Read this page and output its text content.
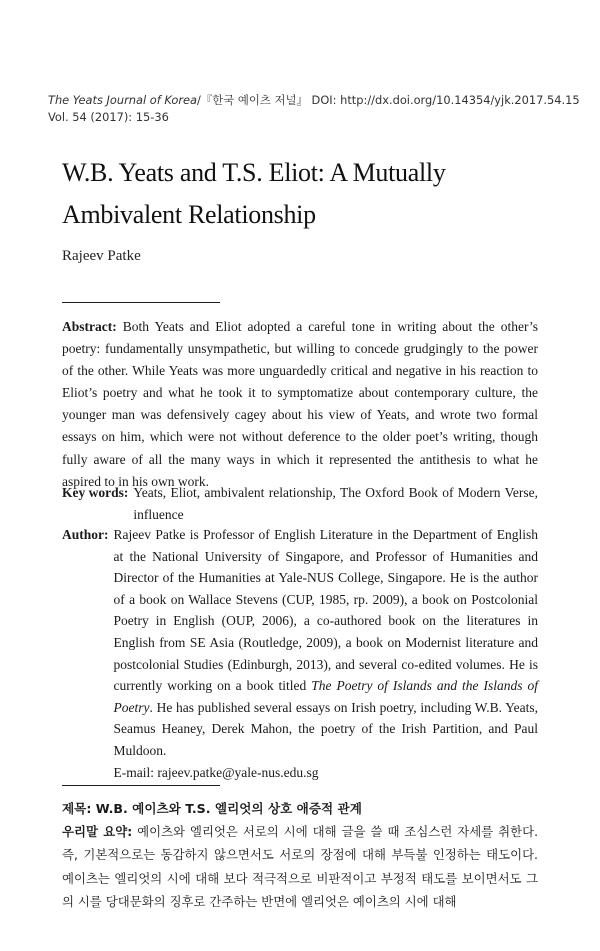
The Yeats Journal of Korea/『한국 예이츠 저널』 DOI: http://dx.doi.org/10.14354/yjk.2017.54.15
Vol. 54 (2017): 15-36
W.B. Yeats and T.S. Eliot: A Mutually Ambivalent Relationship
Rajeev Patke
Abstract: Both Yeats and Eliot adopted a careful tone in writing about the other’s poetry: fundamentally unsympathetic, but willing to concede grudgingly to the power of the other. While Yeats was more unguardedly critical and negative in his reaction to Eliot’s poetry and what he took it to symptomatize about contemporary culture, the younger man was defensively cagey about his view of Yeats, and wrote two formal essays on him, which were not without deference to the older poet’s writing, though fully aware of all the many ways in which it represented the antithesis to what he aspired to in his own work.
Key words: Yeats, Eliot, ambivalent relationship, The Oxford Book of Modern Verse, influence
Author: Rajeev Patke is Professor of English Literature in the Department of English at the National University of Singapore, and Professor of Humanities and Director of the Humanities at Yale-NUS College, Singapore. He is the author of a book on Wallace Stevens (CUP, 1985, rp. 2009), a book on Postcolonial Poetry in English (OUP, 2006), a co-authored book on the literatures in English from SE Asia (Routledge, 2009), a book on Modernist literature and postcolonial Studies (Edinburgh, 2013), and several co-edited volumes. He is currently working on a book titled The Poetry of Islands and the Islands of Poetry. He has published several essays on Irish poetry, including W.B. Yeats, Seamus Heaney, Derek Mahon, the poetry of the Irish Partition, and Paul Muldoon.
E-mail: rajeev.patke@yale-nus.edu.sg
제목: W.B. 예이츠와 T.S. 엘리엇의 상호 애증적 관계
우리말 요약: 예이츠와 엘리엇은 서로의 시에 대해 글을 쓸 때 조심스런 자세를 취한다. 즉, 기본적으로는 동감하지 않으면서도 서로의 장점에 대해 부득불 인정하는 태도이다. 예이츠는 엘리엇의 시에 대해 보다 적극적으로 비판적이고 부정적 태도를 보이면서도 그의 시를 당대문화의 징후로 간주하는 반면에 엘리엇은 예이츠의 시에 대해
